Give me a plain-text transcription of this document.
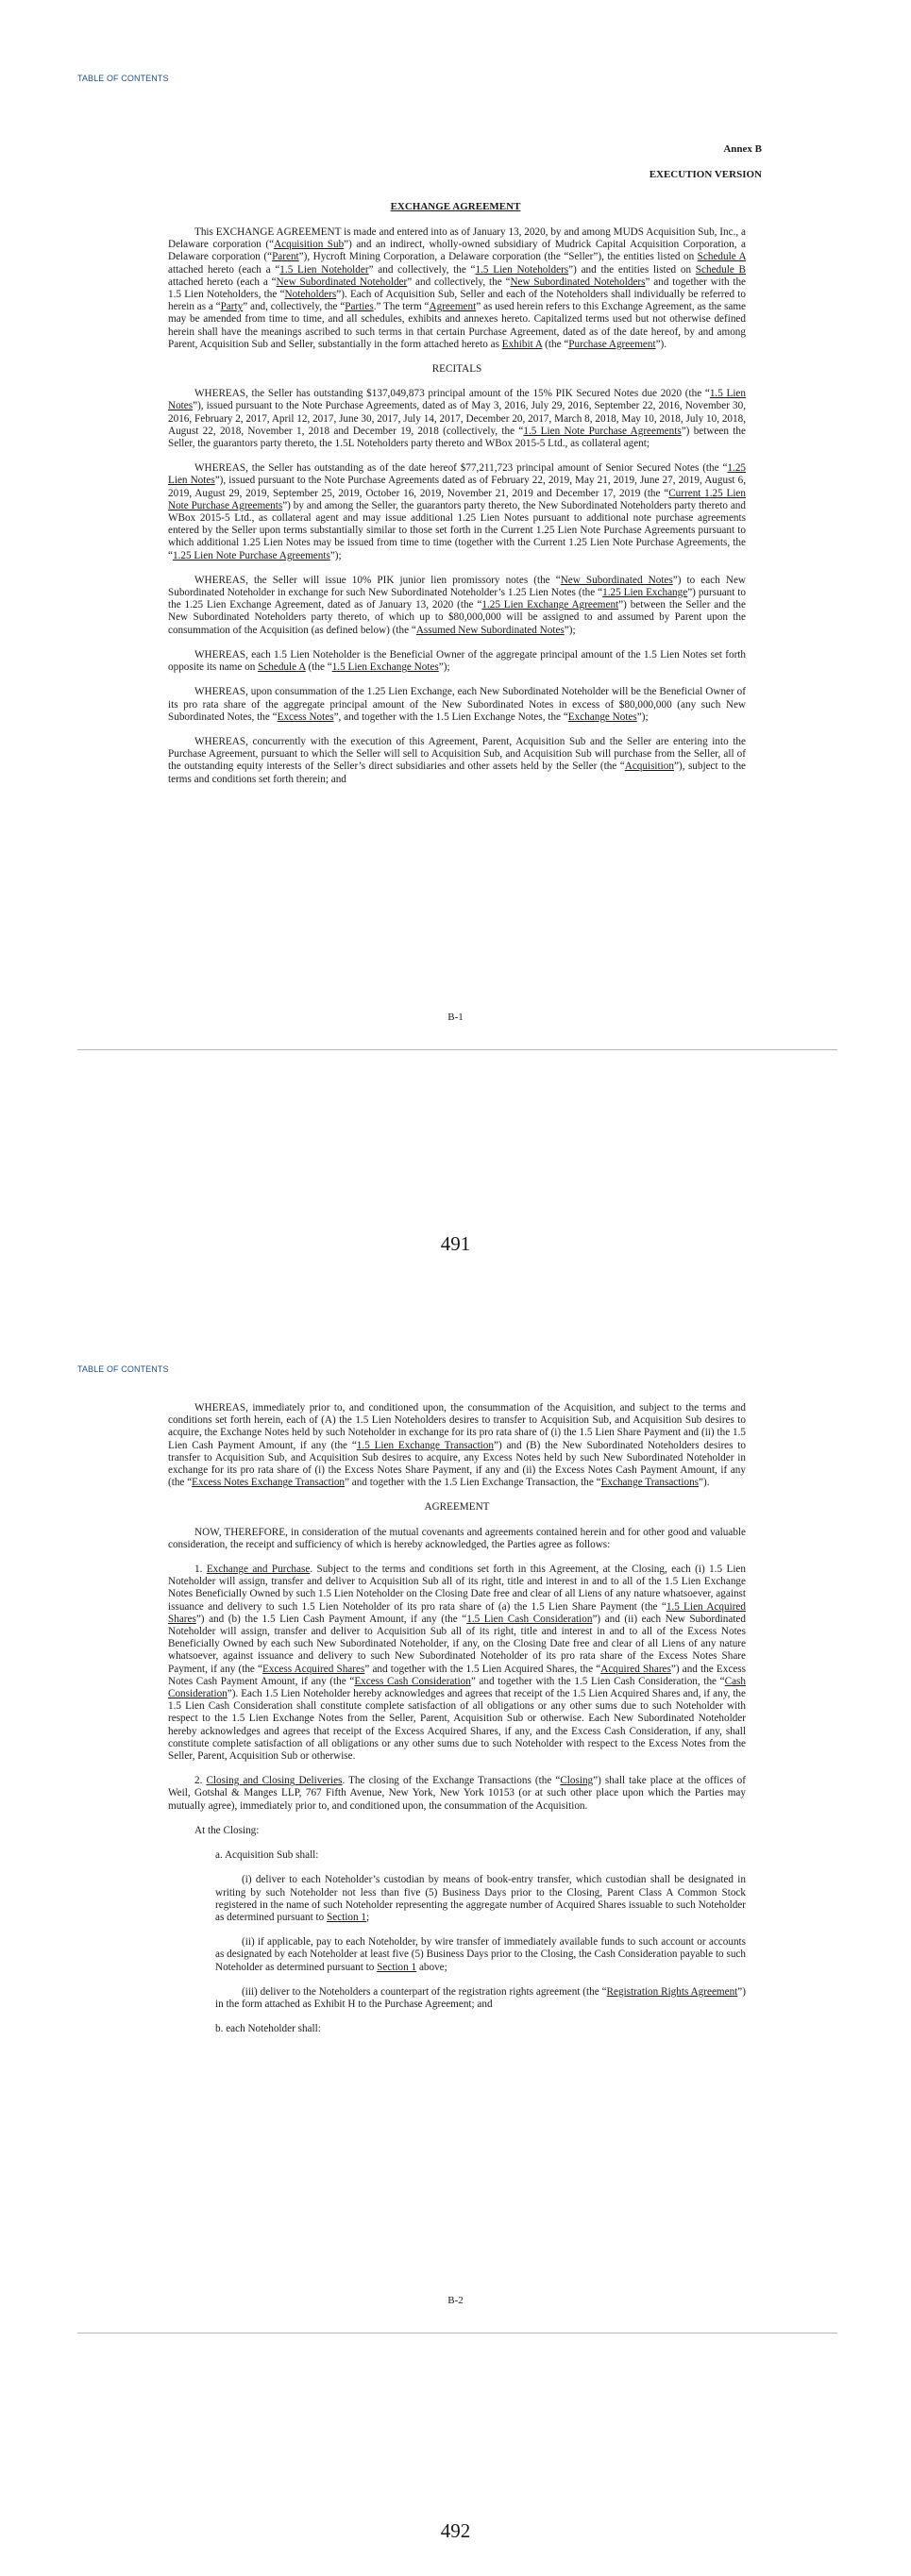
TABLE OF CONTENTS
Annex B
EXECUTION VERSION
EXCHANGE AGREEMENT

This EXCHANGE AGREEMENT is made and entered into as of January 13, 2020, by and among MUDS Acquisition Sub, Inc., a Delaware corporation (“Acquisition Sub”) and an indirect, wholly-owned subsidiary of Mudrick Capital Acquisition Corporation, a Delaware corporation (“Parent”), Hycroft Mining Corporation, a Delaware corporation (the “Seller”), the entities listed on Schedule A attached hereto (each a “1.5 Lien Noteholder” and collectively, the “1.5 Lien Noteholders”) and the entities listed on Schedule B attached hereto (each a “New Subordinated Noteholder” and collectively, the “New Subordinated Noteholders” and together with the 1.5 Lien Noteholders, the “Noteholders”). Each of Acquisition Sub, Seller and each of the Noteholders shall individually be referred to herein as a “Party” and, collectively, the “Parties.” The term “Agreement” as used herein refers to this Exchange Agreement, as the same may be amended from time to time, and all schedules, exhibits and annexes hereto. Capitalized terms used but not otherwise defined herein shall have the meanings ascribed to such terms in that certain Purchase Agreement, dated as of the date hereof, by and among Parent, Acquisition Sub and Seller, substantially in the form attached hereto as Exhibit A (the “Purchase Agreement”).

RECITALS

WHEREAS, the Seller has outstanding $137,049,873 principal amount of the 15% PIK Secured Notes due 2020 (the “1.5 Lien Notes”), issued pursuant to the Note Purchase Agreements, dated as of May 3, 2016, July 29, 2016, September 22, 2016, November 30, 2016, February 2, 2017, April 12, 2017, June 30, 2017, July 14, 2017, December 20, 2017, March 8, 2018, May 10, 2018, July 10, 2018, August 22, 2018, November 1, 2018 and December 19, 2018 (collectively, the “1.5 Lien Note Purchase Agreements”) between the Seller, the guarantors party thereto, the 1.5L Noteholders party thereto and WBox 2015-5 Ltd., as collateral agent;

WHEREAS, the Seller has outstanding as of the date hereof $77,211,723 principal amount of Senior Secured Notes (the “1.25 Lien Notes”), issued pursuant to the Note Purchase Agreements dated as of February 22, 2019, May 21, 2019, June 27, 2019, August 6, 2019, August 29, 2019, September 25, 2019, October 16, 2019, November 21, 2019 and December 17, 2019 (the “Current 1.25 Lien Note Purchase Agreements”) by and among the Seller, the guarantors party thereto, the New Subordinated Noteholders party thereto and WBox 2015-5 Ltd., as collateral agent and may issue additional 1.25 Lien Notes pursuant to additional note purchase agreements entered by the Seller upon terms substantially similar to those set forth in the Current 1.25 Lien Note Purchase Agreements pursuant to which additional 1.25 Lien Notes may be issued from time to time (together with the Current 1.25 Lien Note Purchase Agreements, the “1.25 Lien Note Purchase Agreements”);

WHEREAS, the Seller will issue 10% PIK junior lien promissory notes (the “New Subordinated Notes”) to each New Subordinated Noteholder in exchange for such New Subordinated Noteholder’s 1.25 Lien Notes (the “1.25 Lien Exchange”) pursuant to the 1.25 Lien Exchange Agreement, dated as of January 13, 2020 (the “1.25 Lien Exchange Agreement”) between the Seller and the New Subordinated Noteholders party thereto, of which up to $80,000,000 will be assigned to and assumed by Parent upon the consummation of the Acquisition (as defined below) (the “Assumed New Subordinated Notes”);

WHEREAS, each 1.5 Lien Noteholder is the Beneficial Owner of the aggregate principal amount of the 1.5 Lien Notes set forth opposite its name on Schedule A (the “1.5 Lien Exchange Notes”);

WHEREAS, upon consummation of the 1.25 Lien Exchange, each New Subordinated Noteholder will be the Beneficial Owner of its pro rata share of the aggregate principal amount of the New Subordinated Notes in excess of $80,000,000 (any such New Subordinated Notes, the “Excess Notes”, and together with the 1.5 Lien Exchange Notes, the “Exchange Notes”);

WHEREAS, concurrently with the execution of this Agreement, Parent, Acquisition Sub and the Seller are entering into the Purchase Agreement, pursuant to which the Seller will sell to Acquisition Sub, and Acquisition Sub will purchase from the Seller, all of the outstanding equity interests of the Seller’s direct subsidiaries and other assets held by the Seller (the “Acquisition”), subject to the terms and conditions set forth therein; and

B-1
491
TABLE OF CONTENTS

WHEREAS, immediately prior to, and conditioned upon, the consummation of the Acquisition, and subject to the terms and conditions set forth herein, each of (A) the 1.5 Lien Noteholders desires to transfer to Acquisition Sub, and Acquisition Sub desires to acquire, the Exchange Notes held by such Noteholder in exchange for its pro rata share of (i) the 1.5 Lien Share Payment and (ii) the 1.5 Lien Cash Payment Amount, if any (the “1.5 Lien Exchange Transaction”) and (B) the New Subordinated Noteholders desires to transfer to Acquisition Sub, and Acquisition Sub desires to acquire, any Excess Notes held by such New Subordinated Noteholder in exchange for its pro rata share of (i) the Excess Notes Share Payment, if any and (ii) the Excess Notes Cash Payment Amount, if any (the “Excess Notes Exchange Transaction” and together with the 1.5 Lien Exchange Transaction, the “Exchange Transactions”).

AGREEMENT

NOW, THEREFORE, in consideration of the mutual covenants and agreements contained herein and for other good and valuable consideration, the receipt and sufficiency of which is hereby acknowledged, the Parties agree as follows:

1. Exchange and Purchase. Subject to the terms and conditions set forth in this Agreement, at the Closing, each (i) 1.5 Lien Noteholder will assign, transfer and deliver to Acquisition Sub all of its right, title and interest in and to all of the 1.5 Lien Exchange Notes Beneficially Owned by such 1.5 Lien Noteholder on the Closing Date free and clear of all Liens of any nature whatsoever, against issuance and delivery to such 1.5 Lien Noteholder of its pro rata share of (a) the 1.5 Lien Share Payment (the “1.5 Lien Acquired Shares”) and (b) the 1.5 Lien Cash Payment Amount, if any (the “1.5 Lien Cash Consideration”) and (ii) each New Subordinated Noteholder will assign, transfer and deliver to Acquisition Sub all of its right, title and interest in and to all of the Excess Notes Beneficially Owned by each such New Subordinated Noteholder, if any, on the Closing Date free and clear of all Liens of any nature whatsoever, against issuance and delivery to such New Subordinated Noteholder of its pro rata share of the Excess Notes Share Payment, if any (the “Excess Acquired Shares” and together with the 1.5 Lien Acquired Shares, the “Acquired Shares”) and the Excess Notes Cash Payment Amount, if any (the “Excess Cash Consideration” and together with the 1.5 Lien Cash Consideration, the “Cash Consideration”). Each 1.5 Lien Noteholder hereby acknowledges and agrees that receipt of the 1.5 Lien Acquired Shares and, if any, the 1.5 Lien Cash Consideration shall constitute complete satisfaction of all obligations or any other sums due to such Noteholder with respect to the 1.5 Lien Exchange Notes from the Seller, Parent, Acquisition Sub or otherwise. Each New Subordinated Noteholder hereby acknowledges and agrees that receipt of the Excess Acquired Shares, if any, and the Excess Cash Consideration, if any, shall constitute complete satisfaction of all obligations or any other sums due to such Noteholder with respect to the Excess Notes from the Seller, Parent, Acquisition Sub or otherwise.

2. Closing and Closing Deliveries. The closing of the Exchange Transactions (the “Closing”) shall take place at the offices of Weil, Gotshal & Manges LLP, 767 Fifth Avenue, New York, New York 10153 (or at such other place upon which the Parties may mutually agree), immediately prior to, and conditioned upon, the consummation of the Acquisition.

At the Closing:

a. Acquisition Sub shall:

(i) deliver to each Noteholder’s custodian by means of book-entry transfer, which custodian shall be designated in writing by such Noteholder not less than five (5) Business Days prior to the Closing, Parent Class A Common Stock registered in the name of such Noteholder representing the aggregate number of Acquired Shares issuable to such Noteholder as determined pursuant to Section 1;

(ii) if applicable, pay to each Noteholder, by wire transfer of immediately available funds to such account or accounts as designated by each Noteholder at least five (5) Business Days prior to the Closing, the Cash Consideration payable to such Noteholder as determined pursuant to Section 1 above;

(iii) deliver to the Noteholders a counterpart of the registration rights agreement (the “Registration Rights Agreement”) in the form attached as Exhibit H to the Purchase Agreement; and

b. each Noteholder shall:

B-2
492
